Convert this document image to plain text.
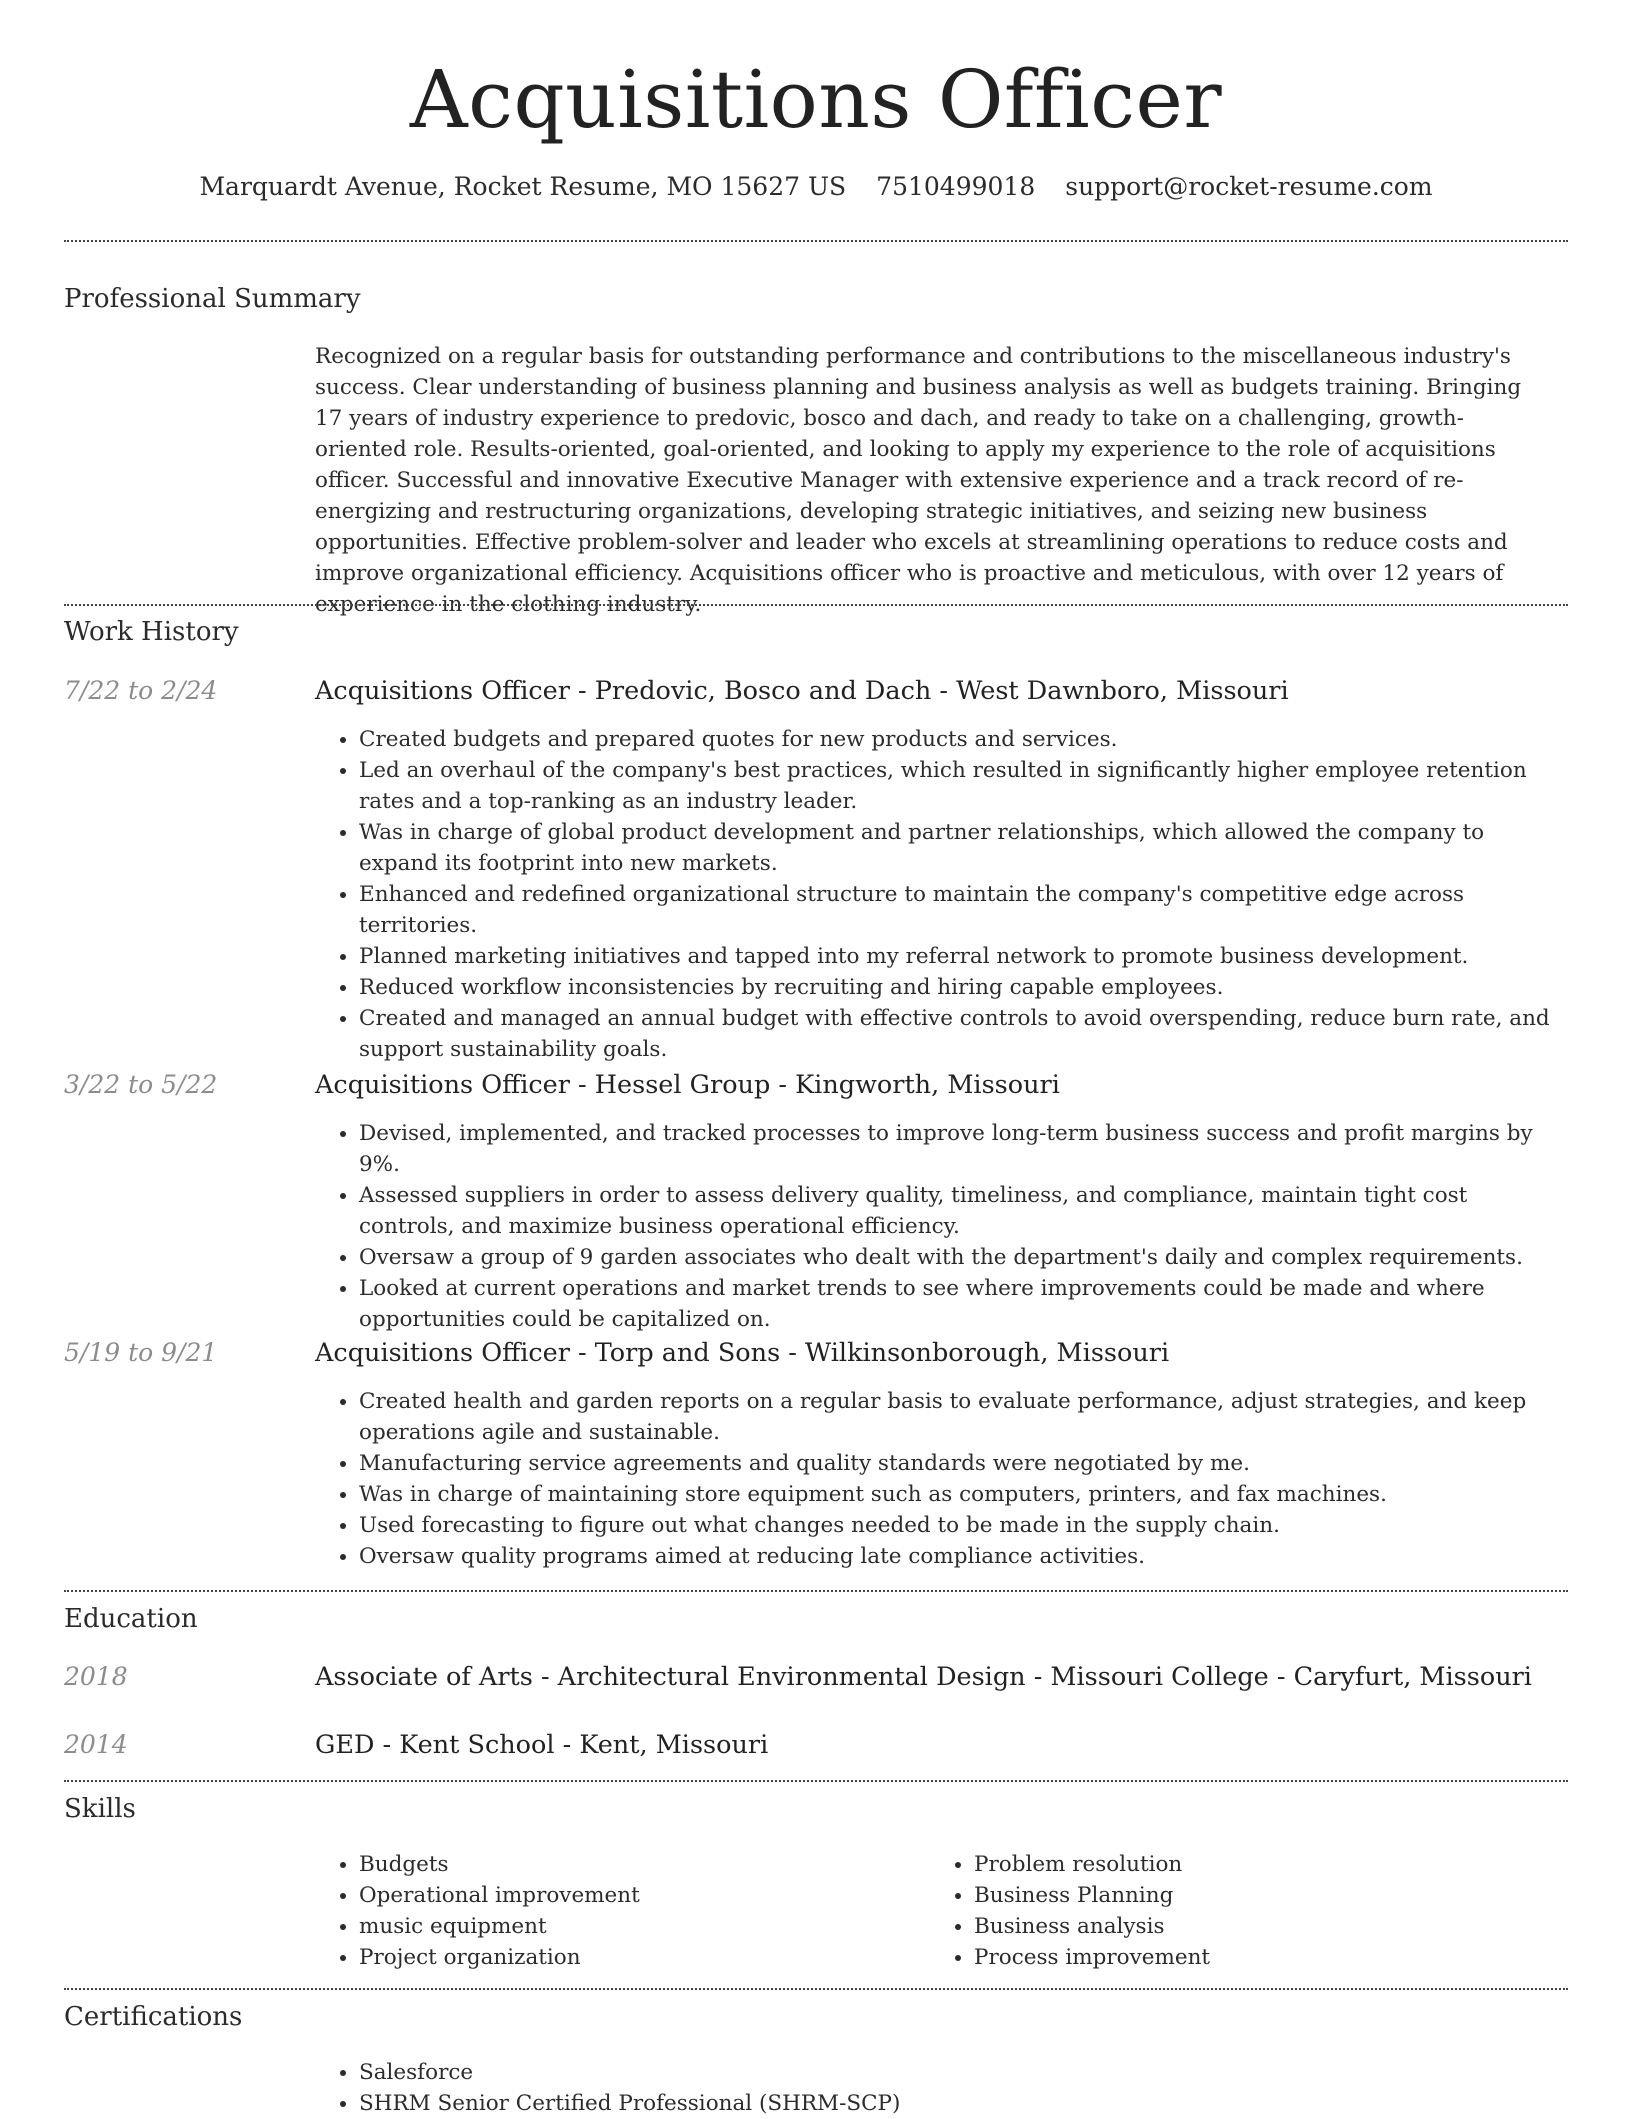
Acquisitions Officer
Marquardt Avenue, Rocket Resume, MO 15627 US 7510499018 support@rocket-resume.com
Professional Summary
Recognized on a regular basis for outstanding performance and contributions to the miscellaneous industry's success. Clear understanding of business planning and business analysis as well as budgets training. Bringing 17 years of industry experience to predovic, bosco and dach, and ready to take on a challenging, growth-oriented role. Results-oriented, goal-oriented, and looking to apply my experience to the role of acquisitions officer. Successful and innovative Executive Manager with extensive experience and a track record of re-energizing and restructuring organizations, developing strategic initiatives, and seizing new business opportunities. Effective problem-solver and leader who excels at streamlining operations to reduce costs and improve organizational efficiency. Acquisitions officer who is proactive and meticulous, with over 12 years of experience in the clothing industry.
Work History
7/22 to 2/24	Acquisitions Officer - Predovic, Bosco and Dach - West Dawnboro, Missouri
• Created budgets and prepared quotes for new products and services.
• Led an overhaul of the company's best practices, which resulted in significantly higher employee retention rates and a top-ranking as an industry leader.
• Was in charge of global product development and partner relationships, which allowed the company to expand its footprint into new markets.
• Enhanced and redefined organizational structure to maintain the company's competitive edge across territories.
• Planned marketing initiatives and tapped into my referral network to promote business development.
• Reduced workflow inconsistencies by recruiting and hiring capable employees.
• Created and managed an annual budget with effective controls to avoid overspending, reduce burn rate, and support sustainability goals.
3/22 to 5/22	Acquisitions Officer - Hessel Group - Kingworth, Missouri
• Devised, implemented, and tracked processes to improve long-term business success and profit margins by 9%.
• Assessed suppliers in order to assess delivery quality, timeliness, and compliance, maintain tight cost controls, and maximize business operational efficiency.
• Oversaw a group of 9 garden associates who dealt with the department's daily and complex requirements.
• Looked at current operations and market trends to see where improvements could be made and where opportunities could be capitalized on.
5/19 to 9/21	Acquisitions Officer - Torp and Sons - Wilkinsonborough, Missouri
• Created health and garden reports on a regular basis to evaluate performance, adjust strategies, and keep operations agile and sustainable.
• Manufacturing service agreements and quality standards were negotiated by me.
• Was in charge of maintaining store equipment such as computers, printers, and fax machines.
• Used forecasting to figure out what changes needed to be made in the supply chain.
• Oversaw quality programs aimed at reducing late compliance activities.
Education
2018	Associate of Arts - Architectural Environmental Design - Missouri College - Caryfurt, Missouri
2014	GED - Kent School - Kent, Missouri
Skills
• Budgets
• Operational improvement
• music equipment
• Project organization
• Problem resolution
• Business Planning
• Business analysis
• Process improvement
Certifications
• Salesforce
• SHRM Senior Certified Professional (SHRM-SCP)
